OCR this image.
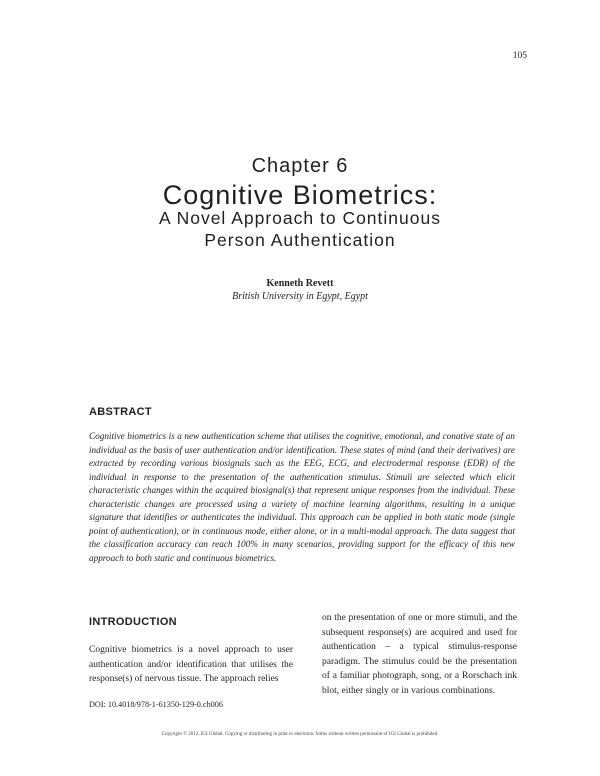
105
Chapter 6
Cognitive Biometrics:
A Novel Approach to Continuous
Person Authentication
Kenneth Revett
British University in Egypt, Egypt
ABSTRACT

Cognitive biometrics is a new authentication scheme that utilises the cognitive, emotional, and conative state of an individual as the basis of user authentication and/or identification. These states of mind (and their derivatives) are extracted by recording various biosignals such as the EEG, ECG, and electrodermal response (EDR) of the individual in response to the presentation of the authentication stimulus. Stimuli are selected which elicit characteristic changes within the acquired biosignal(s) that represent unique responses from the individual. These characteristic changes are processed using a variety of machine learning algorithms, resulting in a unique signature that identifies or authenticates the individual. This approach can be applied in both static mode (single point of authentication), or in continuous mode, either alone, or in a multi-modal approach. The data suggest that the classification accuracy can reach 100% in many scenarios, providing support for the efficacy of this new approach to both static and continuous biometrics.

INTRODUCTION

Cognitive biometrics is a novel approach to user authentication and/or identification that utilises the response(s) of nervous tissue. The approach relies

on the presentation of one or more stimuli, and the subsequent response(s) are acquired and used for authentication – a typical stimulus-response paradigm. The stimulus could be the presentation of a familiar photograph, song, or a Rorschach ink blot, either singly or in various combinations.

DOI: 10.4018/978-1-61350-129-0.ch006
Copyright © 2012, IGI Global. Copying or distributing in print or electronic forms without written permission of IGI Global is prohibited.
